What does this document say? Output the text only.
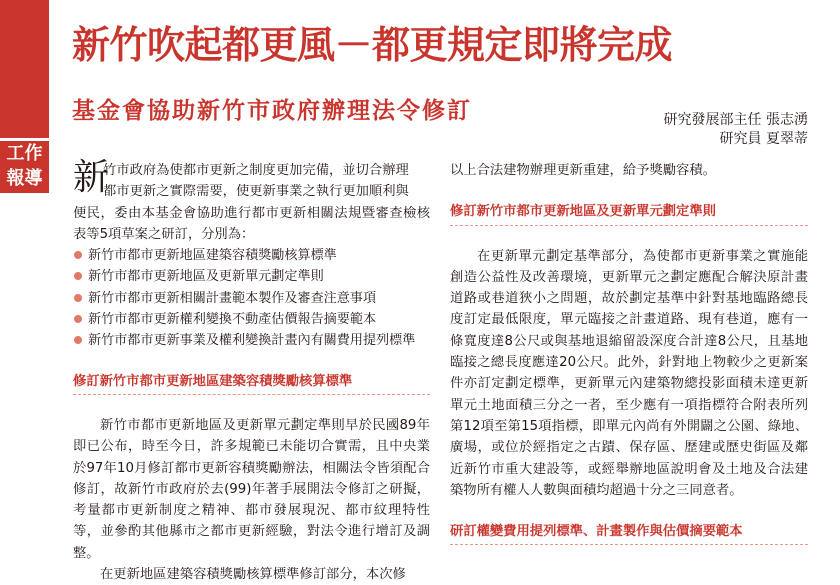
工作
報導
新竹吹起都更風－都更規定即將完成
基金會協助新竹市政府辦理法令修訂	研究發展部主任 張志湧
研究員 夏翠蒂
新
竹市政府為使都市更新之制度更加完備，並切合辦理
都市更新之實際需要，使更新事業之執行更加順利與
便民，委由本基金會協助進行都市更新相關法規暨審查檢核表等5項草案之研訂，分別為：
新竹市都市更新地區建築容積獎勵核算標準
新竹市都市更新地區及更新單元劃定準則
新竹市都市更新相關計畫範本製作及審查注意事項
新竹市都市更新權利變換不動產估價報告摘要範本
新竹市都市更新事業及權利變換計畫內有關費用提列標準
修訂新竹市都市更新地區建築容積獎勵核算標準

新竹市都市更新地區及更新單元劃定準則早於民國89年即已公布，時至今日，許多規範已未能切合實需，且中央業於97年10月修訂都市更新容積獎勵辦法，相關法令皆須配合修訂，故新竹市政府於去(99)年著手展開法令修訂之研擬，考量都市更新制度之精神、都市發展現況、都市紋理特性等，並參酌其他縣市之都市更新經驗，對法令進行增訂及調整。

在更新地區建築容積獎勵核算標準修訂部分，本次修

以上合法建物辦理更新重建，給予獎勵容積。

修訂新竹市都市更新地區及更新單元劃定準則

在更新單元劃定基準部分，為使都市更新事業之實施能創造公益性及改善環境，更新單元之劃定應配合解決原計畫道路或巷道狹小之問題，故於劃定基準中針對基地臨路總長度訂定最低限度，單元臨接之計畫道路、現有巷道，應有一條寬度達8公尺或與基地退縮留設深度合計達8公尺，且基地臨接之總長度應達20公尺。此外，針對地上物較少之更新案件亦訂定劃定標準，更新單元內建築物總投影面積未達更新單元土地面積三分之一者，至少應有一項指標符合附表所列第12項至第15項指標，即單元內尚有外開闢之公園、綠地、廣場，或位於經指定之古蹟、保存區、歷建或歷史街區及鄰近新竹市重大建設等，或經舉辦地區說明會及土地及合法建築物所有權人人數與面積均超過十分之三同意者。

研訂權變費用提列標準、計畫製作與估價摘要範本
